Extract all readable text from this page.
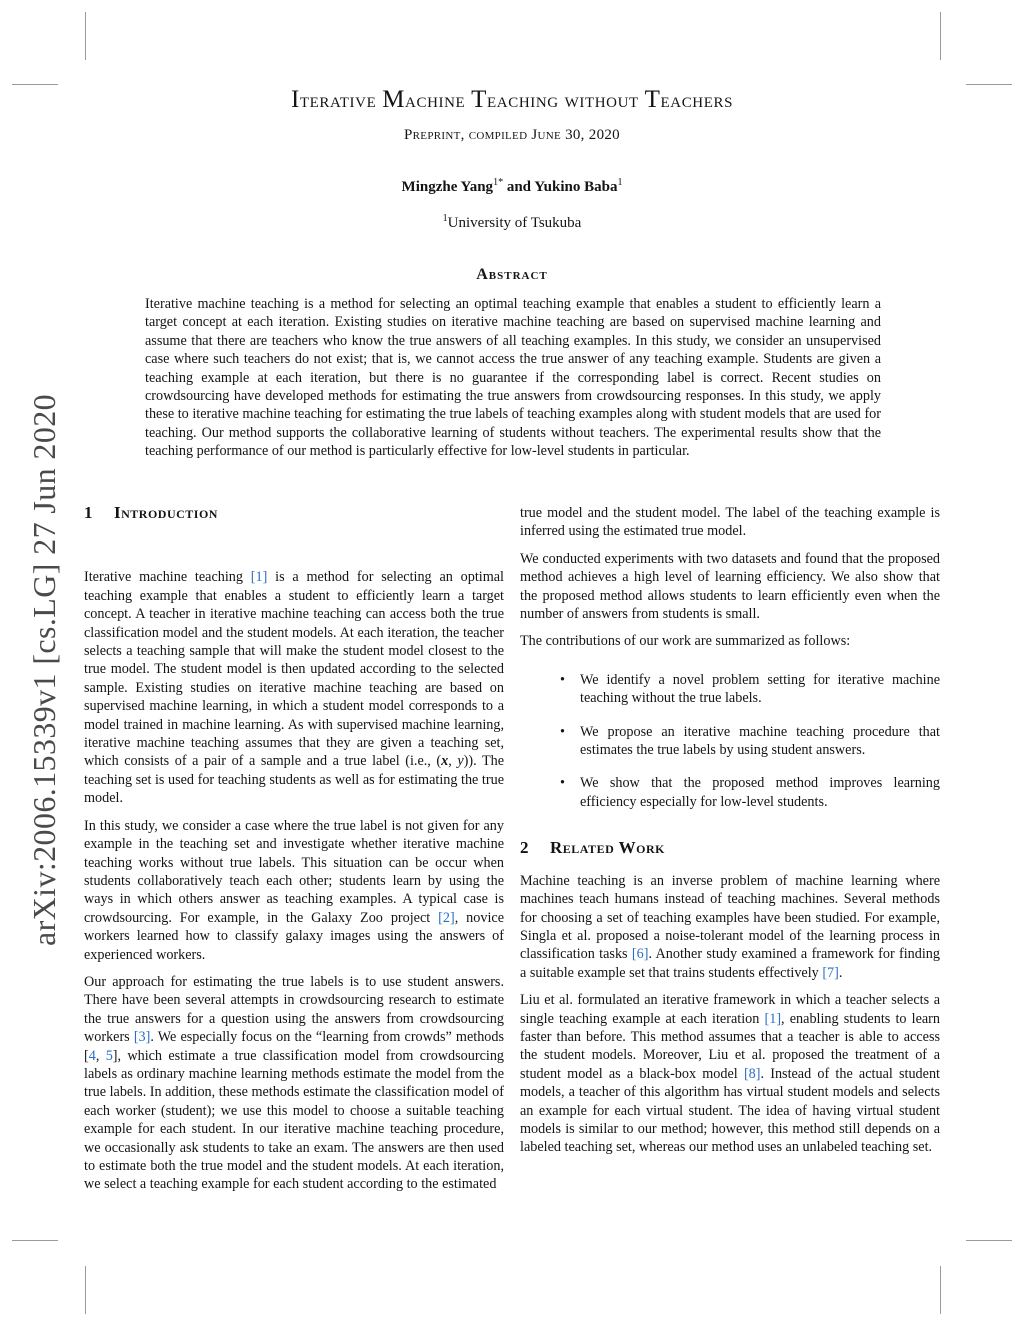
arXiv:2006.15339v1 [cs.LG] 27 Jun 2020
Iterative Machine Teaching without Teachers
Preprint, compiled June 30, 2020
Mingzhe Yang$^{1*}$ and Yukino Baba$^1$
$^1$University of Tsukuba
Abstract
Iterative machine teaching is a method for selecting an optimal teaching example that enables a student to efficiently learn a target concept at each iteration. Existing studies on iterative machine teaching are based on supervised machine learning and assume that there are teachers who know the true answers of all teaching examples. In this study, we consider an unsupervised case where such teachers do not exist; that is, we cannot access the true answer of any teaching example. Students are given a teaching example at each iteration, but there is no guarantee if the corresponding label is correct. Recent studies on crowdsourcing have developed methods for estimating the true answers from crowdsourcing responses. In this study, we apply these to iterative machine teaching for estimating the true labels of teaching examples along with student models that are used for teaching. Our method supports the collaborative learning of students without teachers. The experimental results show that the teaching performance of our method is particularly effective for low-level students in particular.
1 Introduction

Iterative machine teaching [1] is a method for selecting an optimal teaching example that enables a student to efficiently learn a target concept. A teacher in iterative machine teaching can access both the true classification model and the student models. At each iteration, the teacher selects a teaching sample that will make the student model closest to the true model. The student model is then updated according to the selected sample. Existing studies on iterative machine teaching are based on supervised machine learning, in which a student model corresponds to a model trained in machine learning. As with supervised machine learning, iterative machine teaching assumes that they are given a teaching set, which consists of a pair of a sample and a true label (i.e., (x, y)). The teaching set is used for teaching students as well as for estimating the true model.

In this study, we consider a case where the true label is not given for any example in the teaching set and investigate whether iterative machine teaching works without true labels. This situation can be occur when students collaboratively teach each other; students learn by using the ways in which others answer as teaching examples. A typical case is crowdsourcing. For example, in the Galaxy Zoo project [2], novice workers learned how to classify galaxy images using the answers of experienced workers.

Our approach for estimating the true labels is to use student answers. There have been several attempts in crowdsourcing research to estimate the true answers for a question using the answers from crowdsourcing workers [3]. We especially focus on the “learning from crowds” methods [4, 5], which estimate a true classification model from crowdsourcing labels as ordinary machine learning methods estimate the model from the true labels. In addition, these methods estimate the classification model of each worker (student); we use this model to choose a suitable teaching example for each student. In our iterative machine teaching procedure, we occasionally ask students to take an exam. The answers are then used to estimate both the true model and the student models. At each iteration, we select a teaching example for each student according to the estimated

true model and the student model. The label of the teaching example is inferred using the estimated true model.

We conducted experiments with two datasets and found that the proposed method achieves a high level of learning efficiency. We also show that the proposed method allows students to learn efficiently even when the number of answers from students is small.

The contributions of our work are summarized as follows:

• We identify a novel problem setting for iterative machine teaching without the true labels.
• We propose an iterative machine teaching procedure that estimates the true labels by using student answers.
• We show that the proposed method improves learning efficiency especially for low-level students.
2 Related Work

Machine teaching is an inverse problem of machine learning where machines teach humans instead of teaching machines. Several methods for choosing a set of teaching examples have been studied. For example, Singla et al. proposed a noise-tolerant model of the learning process in classification tasks [6]. Another study examined a framework for finding a suitable example set that trains students effectively [7].

Liu et al. formulated an iterative framework in which a teacher selects a single teaching example at each iteration [1], enabling students to learn faster than before. This method assumes that a teacher is able to access the student models. Moreover, Liu et al. proposed the treatment of a student model as a black-box model [8]. Instead of the actual student models, a teacher of this algorithm has virtual student models and selects an example for each virtual student. The idea of having virtual student models is similar to our method; however, this method still depends on a labeled teaching set, whereas our method uses an unlabeled teaching set.
